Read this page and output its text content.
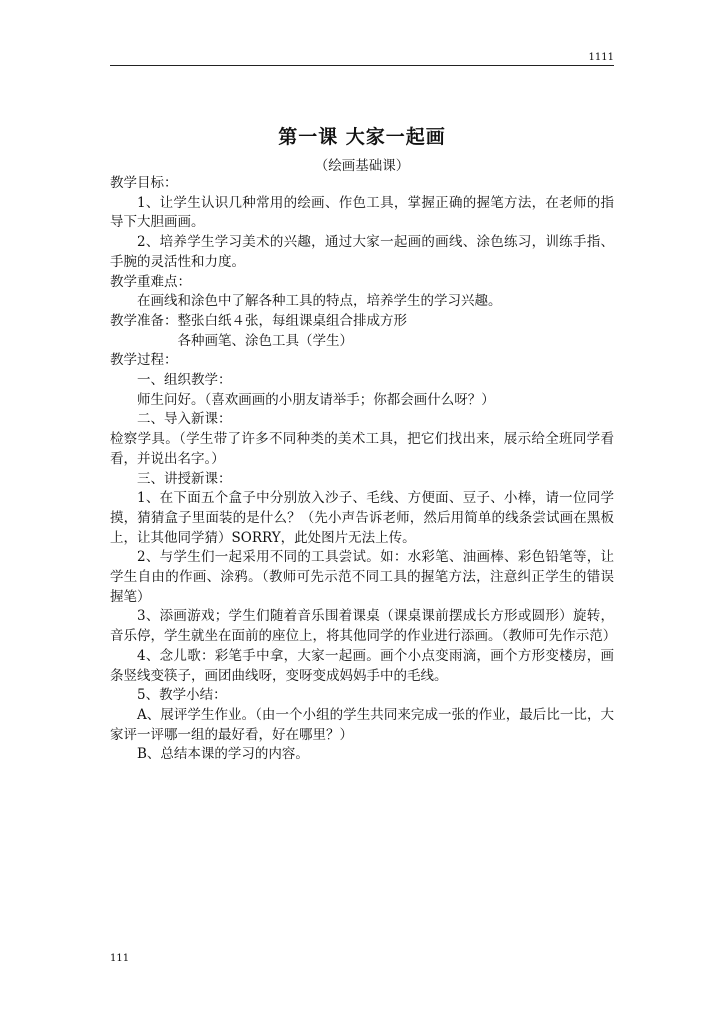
1111
第一课 大家一起画
（绘画基础课）

教学目标：

1、让学生认识几种常用的绘画、作色工具，掌握正确的握笔方法，在老师的指导下大胆画画。

2、培养学生学习美术的兴趣，通过大家一起画的画线、涂色练习，训练手指、手腕的灵活性和力度。

教学重难点：

在画线和涂色中了解各种工具的特点，培养学生的学习兴趣。

教学准备：整张白纸４张，每组课桌组合排成方形

各种画笔、涂色工具（学生）

教学过程：

一、组织教学：

师生问好。（喜欢画画的小朋友请举手；你都会画什么呀？）

二、导入新课：

检察学具。（学生带了许多不同种类的美术工具，把它们找出来，展示给全班同学看看，并说出名字。）

三、讲授新课：

1、在下面五个盒子中分别放入沙子、毛线、方便面、豆子、小棒，请一位同学摸，猜猜盒子里面装的是什么？（先小声告诉老师，然后用简单的线条尝试画在黑板上，让其他同学猜）SORRY，此处图片无法上传。

2、与学生们一起采用不同的工具尝试。如：水彩笔、油画棒、彩色铅笔等，让学生自由的作画、涂鸦。（教师可先示范不同工具的握笔方法，注意纠正学生的错误握笔）

3、添画游戏；学生们随着音乐围着课桌（课桌课前摆成长方形或圆形）旋转，音乐停，学生就坐在面前的座位上，将其他同学的作业进行添画。（教师可先作示范）

4、念儿歌：彩笔手中拿，大家一起画。画个小点变雨滴，画个方形变楼房，画条竖线变筷子，画团曲线呀，变呀变成妈妈手中的毛线。

5、教学小结：

A、展评学生作业。（由一个小组的学生共同来完成一张的作业，最后比一比，大家评一评哪一组的最好看，好在哪里？）

B、总结本课的学习的内容。

111
